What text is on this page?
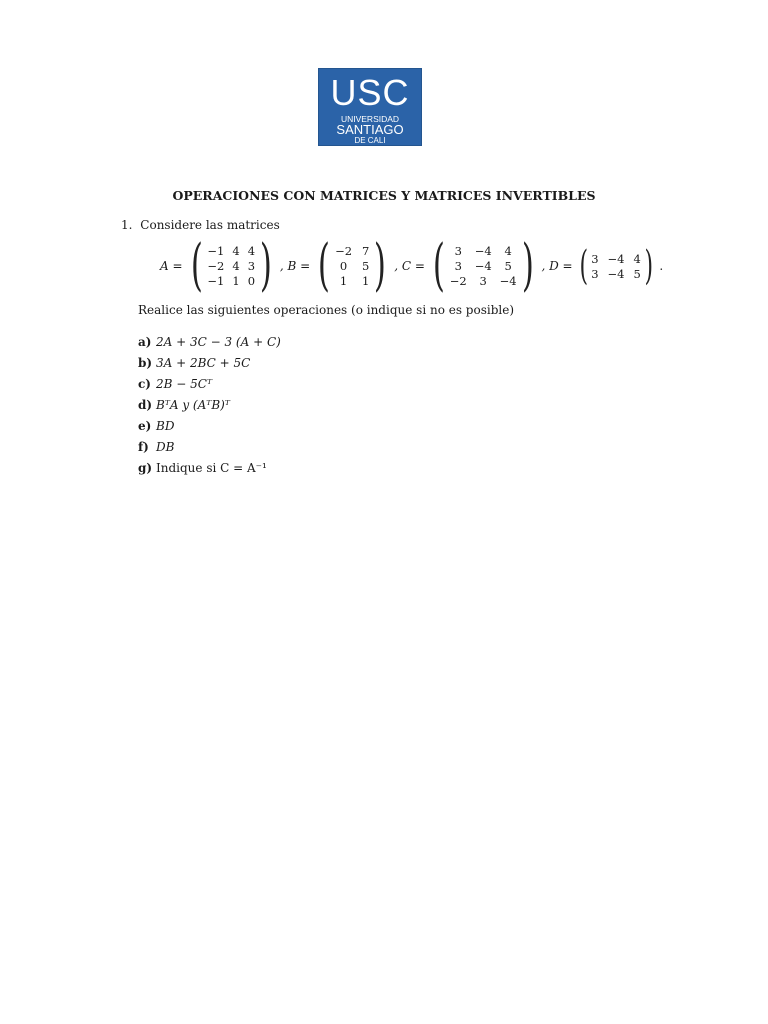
USC
UNIVERSIDAD
SANTIAGO
DE CALI
OPERACIONES CON MATRICES Y MATRICES INVERTIBLES
1. Considere las matrices
A = ( −1 4 4
−2 4 3
−1 1 0 ) , B = ( −2 7
0	5
1	1 ) , C = ( 3	−4	4
3	−4	5
−2	3	−4 ) , D = ( 3 −4 4
3 −4 5 ) .
Realice las siguientes operaciones (o indique si no es posible)
a) 2A + 3C − 3 (A + C)
b) 3A + 2BC + 5C
c) 2B − 5Cᵀ
d) BᵀA y (AᵀB)ᵀ
e) BD
f) DB
g) Indique si C = A⁻¹
